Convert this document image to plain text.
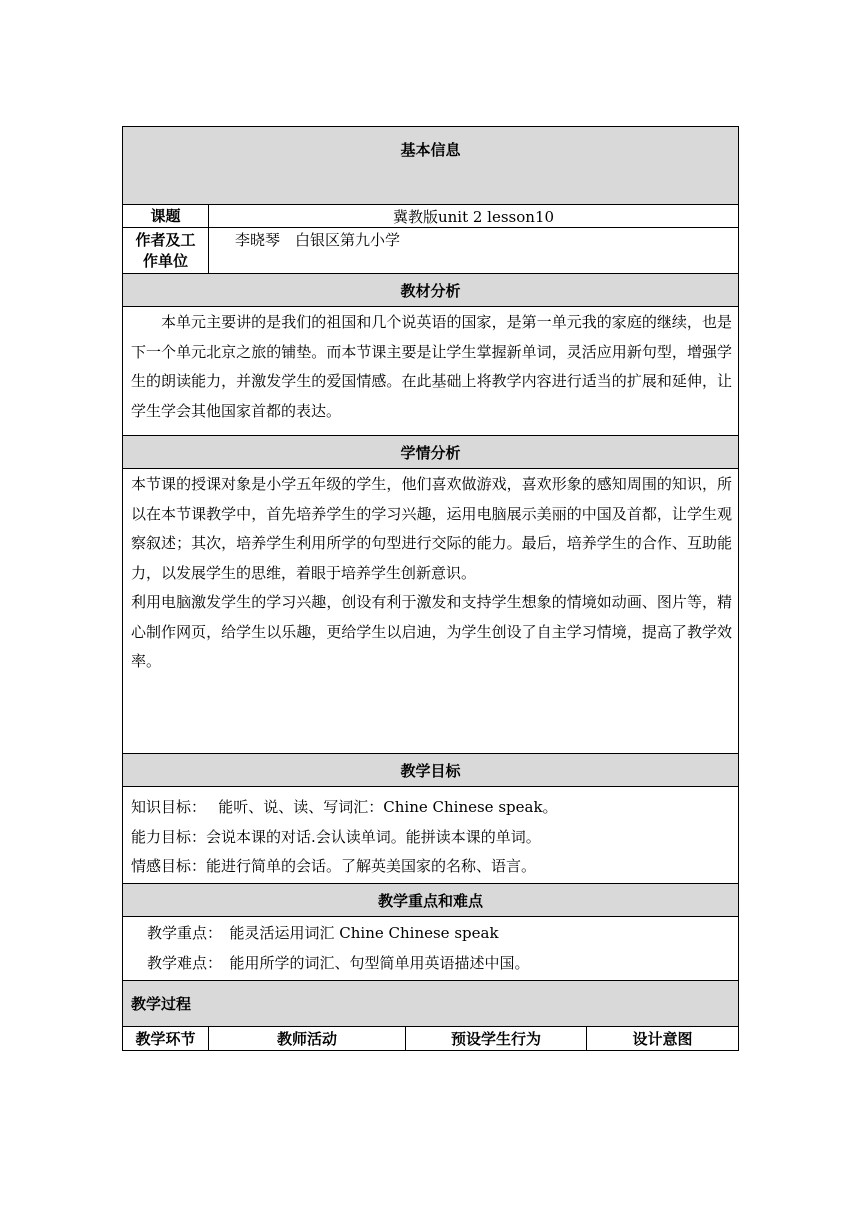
基本信息			
课题	冀教版unit 2 lesson10		

作者及工
作单位	李晓琴　白银区第九小学		
教材分析			
本单元主要讲的是我们的祖国和几个说英语的国家，是第一单元我的家庭的继续，也是下一个单元北京之旅的铺垫。而本节课主要是让学生掌握新单词，灵活应用新句型，增强学生的朗读能力，并激发学生的爱国情感。在此基础上将教学内容进行适当的扩展和延伸，让学生学会其他国家首都的表达。			
学情分析			

本节课的授课对象是小学五年级的学生，他们喜欢做游戏，喜欢形象的感知周围的知识，所以在本节课教学中，首先培养学生的学习兴趣，运用电脑展示美丽的中国及首都，让学生观察叙述；其次，培养学生利用所学的句型进行交际的能力。最后，培养学生的合作、互助能力，以发展学生的思维，着眼于培养学生创新意识。
利用电脑激发学生的学习兴趣，创设有利于激发和支持学生想象的情境如动画、图片等，精心制作网页，给学生以乐趣，更给学生以启迪，为学生创设了自主学习情境，提高了教学效率。			

教学目标			

知识目标：　 能听、说、读、写词汇：Chine Chinese speak。
能力目标：会说本课的对话.会认读单词。能拼读本课的单词。
情感目标：能进行简单的会话。了解英美国家的名称、语言。			

教学重点和难点			

教学重点：　能灵活运用词汇 Chine Chinese speak
教学难点：　能用所学的词汇、句型简单用英语描述中国。			

教学过程			
教学环节	教师活动	预设学生行为	设计意图
